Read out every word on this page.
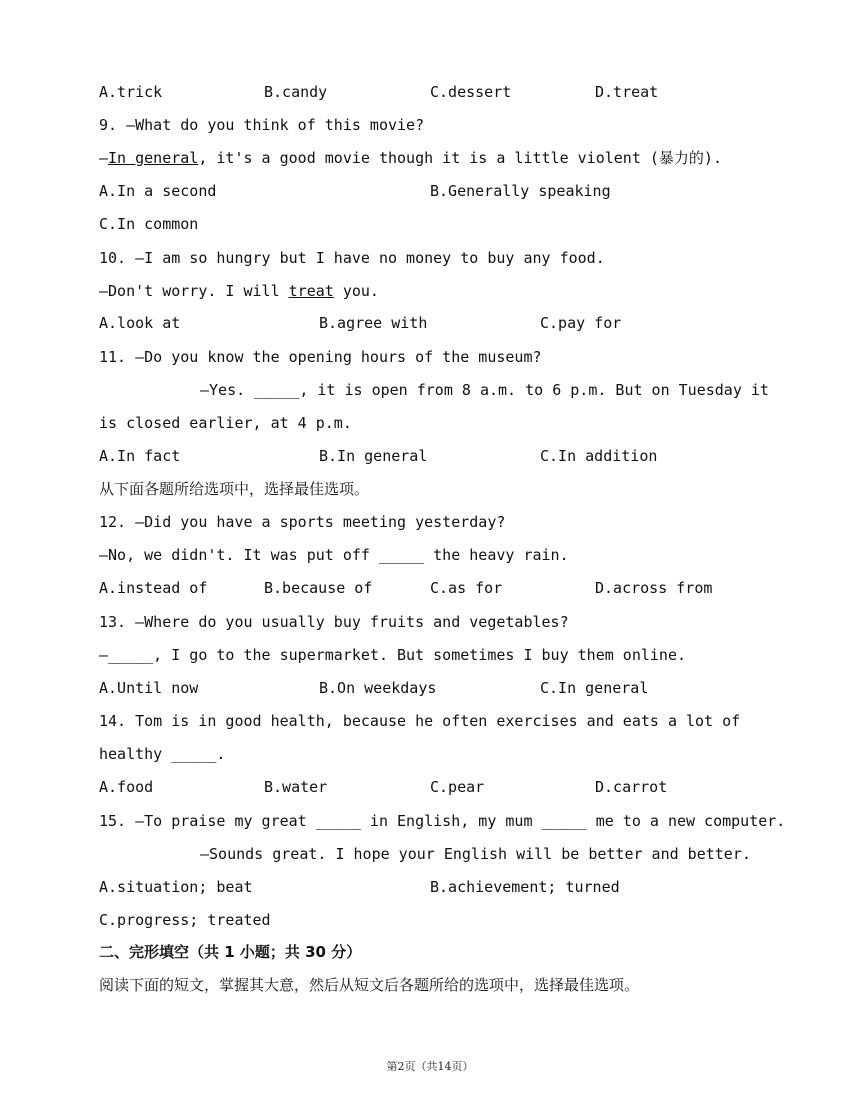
A.trick	B.candy	C.dessert	D.treat
9. —What do you think of this movie?
—In general, it's a good movie though it is a little violent (暴力的).
A.In a second	B.Generally speaking
C.In common
10. —I am so hungry but I have no money to buy any food.
—Don't worry. I will treat you.
A.look at	B.agree with	C.pay for
11. —Do you know the opening hours of the museum?
—Yes. _____, it is open from 8 a.m. to 6 p.m. But on Tuesday it
is closed earlier, at 4 p.m.
A.In fact	B.In general	C.In addition
从下面各题所给选项中，选择最佳选项。
12. —Did you have a sports meeting yesterday?
—No, we didn't. It was put off _____ the heavy rain.
A.instead of	B.because of	C.as for	D.across from
13. —Where do you usually buy fruits and vegetables?
—_____, I go to the supermarket. But sometimes I buy them online.
A.Until now	B.On weekdays	C.In general
14. Tom is in good health, because he often exercises and eats a lot of
healthy _____.
A.food	B.water	C.pear	D.carrot
15. —To praise my great _____ in English, my mum _____ me to a new computer.
—Sounds great. I hope your English will be better and better.
A.situation; beat	B.achievement; turned
C.progress; treated
二、完形填空（共 1 小题；共 30 分）
阅读下面的短文，掌握其大意，然后从短文后各题所给的选项中，选择最佳选项。
第2页（共14页）
